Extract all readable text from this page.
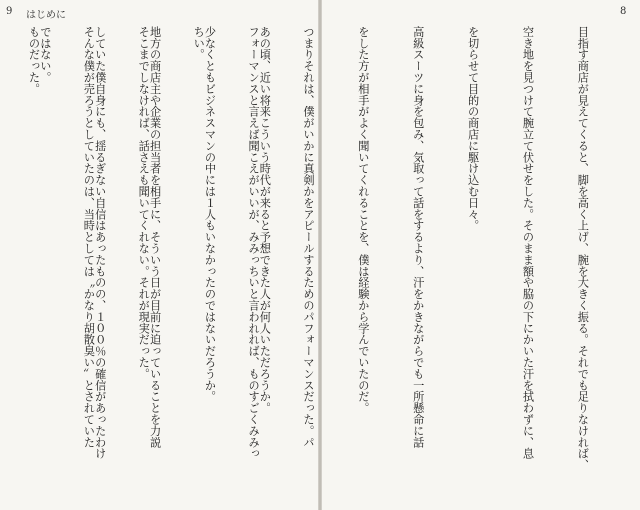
9 はじめに

あの頃、近い将来こういう時代が来ると予想できた人が何人いただろうか。

少なくともビジネスマンの中には１人もいなかったのではないだろうか。

地方の商店主や企業の担当者を相手に、そういう日が目前に迫っていることを力説

していた僕自身にも、揺るぎない自信はあったものの、１００％の確信があったわけ

ではない。

8

目指す商店が見えてくると、脚を高く上げ、腕を大きく振る。それでも足りなければ、

空き地を見つけて腕立て伏せをした。そのまま額や脇の下にかいた汗を拭わずに、息

を切らせて目的の商店に駆け込む日々。

高級スーツに身を包み、気取って話をするより、汗をかきながらでも一所懸命に話

をした方が相手がよく聞いてくれることを、僕は経験から学んでいたのだ。

つまりそれは、僕がいかに真剣かをアピールするためのパフォーマンスだった。パ

フォーマンスと言えば聞こえがいいが、みみっちいと言われれば、ものすごくみみっ

ちい。

そこまでしなければ、話さえも聞いてくれない。それが現実だった。

そんな僕が売ろうとしていたのは、当時としては〝かなり胡散臭い〟とされていた

ものだった。
